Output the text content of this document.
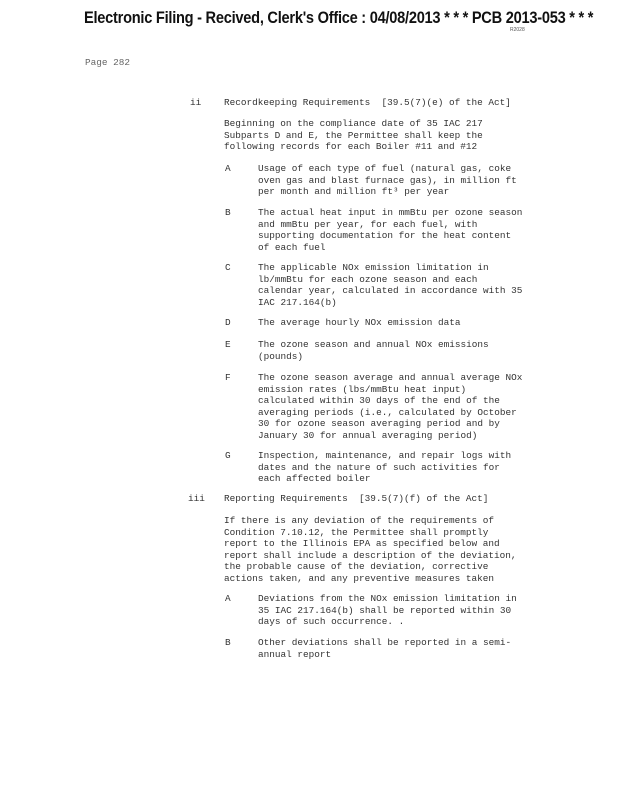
Electronic Filing - Recived, Clerk's Office : 04/08/2013 * * * PCB 2013-053 * * *
R2028
Page 282
ii Recordkeeping Requirements  [39.5(7)(e) of the Act]
Beginning on the compliance date of 35 IAC 217
Subparts D and E, the Permittee shall keep the
following records for each Boiler #11 and #12
A	Usage of each type of fuel (natural gas, coke
oven gas and blast furnace gas), in million ft
per month and million ft³ per year
B	The actual heat input in mmBtu per ozone season
and mmBtu per year, for each fuel, with
supporting documentation for the heat content
of each fuel
C	The applicable NOx emission limitation in
lb/mmBtu for each ozone season and each
calendar year, calculated in accordance with 35
IAC 217.164(b)
D	The average hourly NOx emission data
E	The ozone season and annual NOx emissions
(pounds)
F	The ozone season average and annual average NOx
emission rates (lbs/mmBtu heat input)
calculated within 30 days of the end of the
averaging periods (i.e., calculated by October
30 for ozone season averaging period and by
January 30 for annual averaging period)
G	Inspection, maintenance, and repair logs with
dates and the nature of such activities for
each affected boiler
iii Reporting Requirements  [39.5(7)(f) of the Act]
If there is any deviation of the requirements of
Condition 7.10.12, the Permittee shall promptly
report to the Illinois EPA as specified below and
report shall include a description of the deviation,
the probable cause of the deviation, corrective
actions taken, and any preventive measures taken
A	Deviations from the NOx emission limitation in
35 IAC 217.164(b) shall be reported within 30
days of such occurrence. .
B	Other deviations shall be reported in a semi-
annual report
